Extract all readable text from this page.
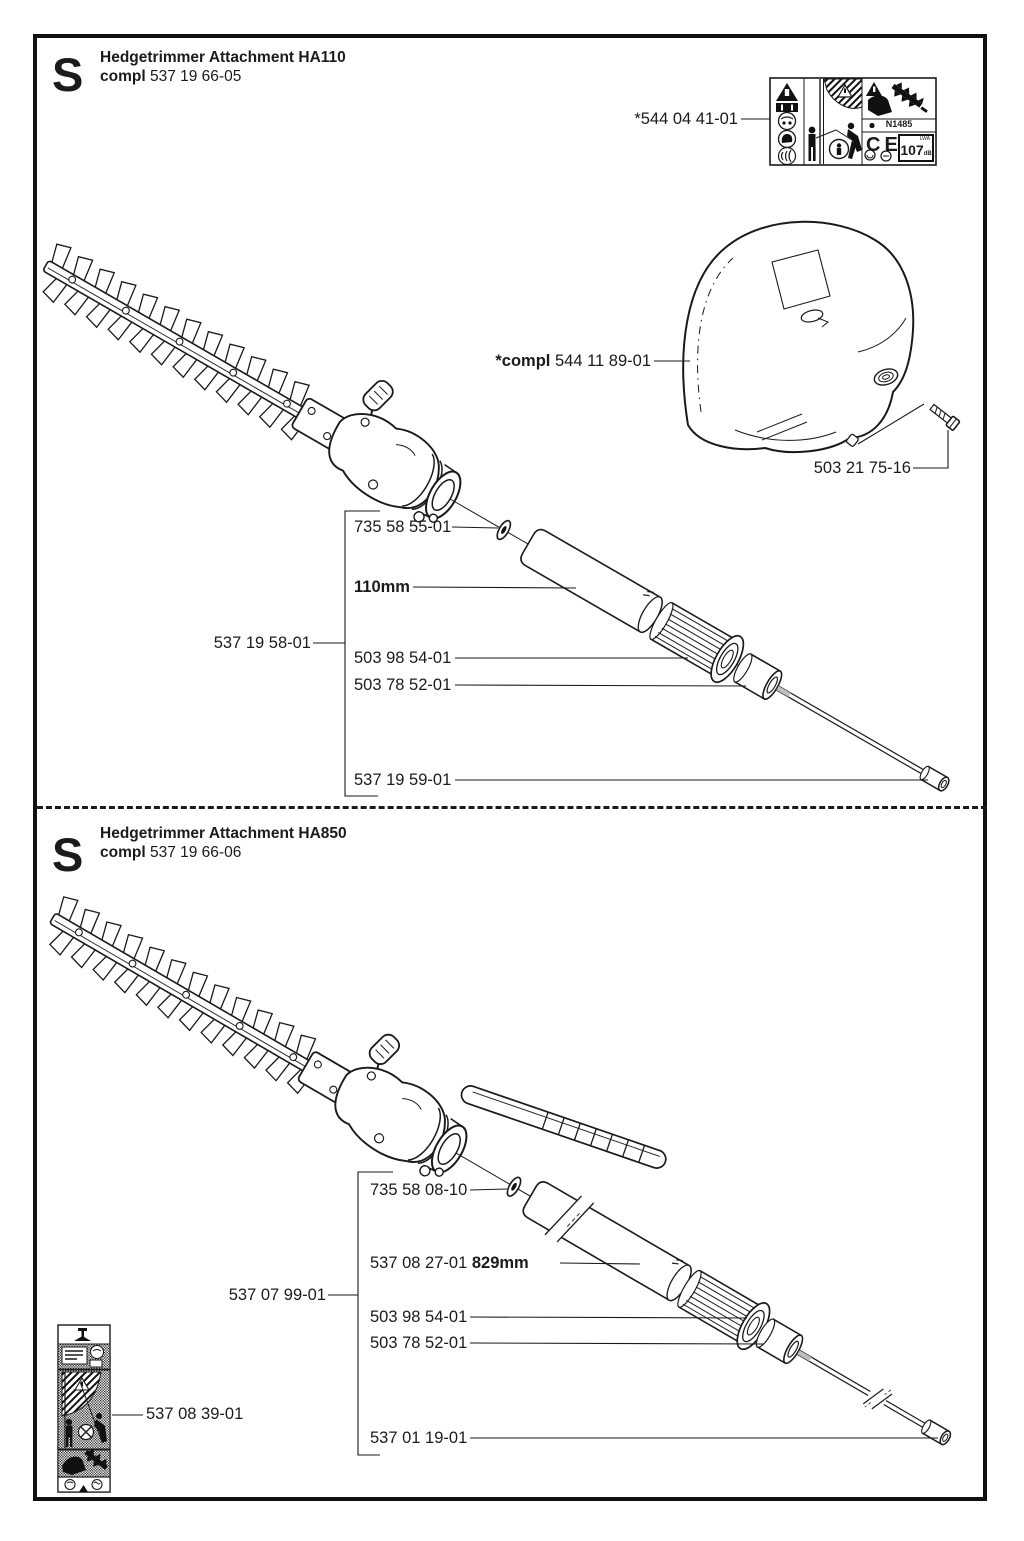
S Hedgetrimmer Attachment HA110
compl 537 19 66-05
S Hedgetrimmer Attachment HA850
compl 537 19 66-06
*544 04 41-01
*compl 544 11 89-01
503 21 75-16
537 19 58-01
735 58 55-01
110mm
503 98 54-01
503 78 52-01
537 19 59-01
735 58 08-10
537 08 27-01 829mm
537 07 99-01
503 98 54-01
503 78 52-01
537 08 39-01
537 01 19-01
N1485
CE	LWA
107dB
